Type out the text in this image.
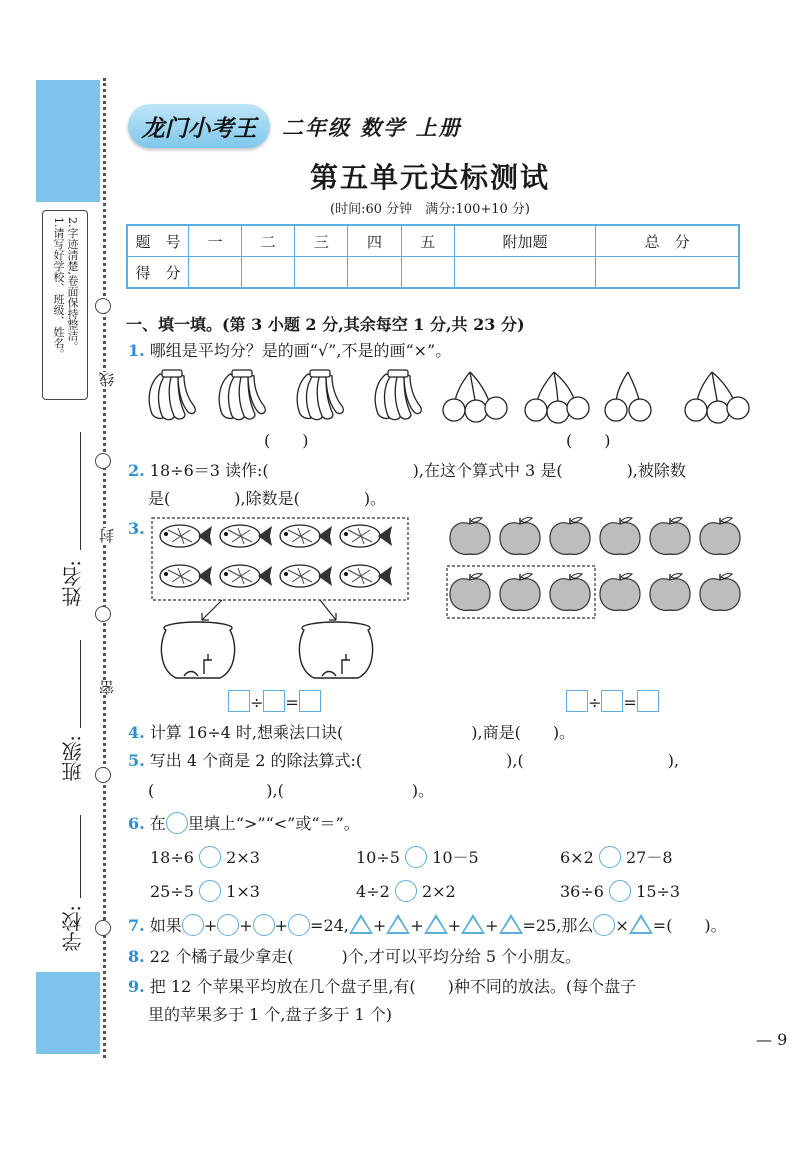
1.请写好学校、班级、姓名。 2.字迹清楚,卷面保持整洁。
线
封
密
姓名:
班级:
学校:
龙门小考王	二年级 数学 上册
第五单元达标测试
(时间:60 分钟　满分:100+10 分)
题　号	一	二	三	四	五	附加题	总　分
得　分							
一、填一填。(第 3 小题 2 分,其余每空 1 分,共 23 分)
1. 哪组是平均分？是的画“√”,不是的画“×”。
(　　)	(　　)
2. 18÷6＝3 读作:(　　　　　　　　　),在这个算式中 3 是(　　　　),被除数
是(　　　　),除数是(　　　　)。
3.
÷ =	÷ =
4. 计算 16÷4 时,想乘法口诀(　　　　　　　　),商是(　　)。
5. 写出 4 个商是 2 的除法算式:(　　　　　　　　　),(　　　　　　　　　),
(　　　　　　　),(　　　　　　　　)。
6. 在 里填上“>”“<”或“＝”。
18÷6 2×3	10÷5 10－5	6×2 27－8
25÷5 1×3	4÷2 2×2	36÷6 15÷3
7. 如果 + + + =24, + + + + =25,那么 × =(　　)。
8. 22 个橘子最少拿走(　　　)个,才可以平均分给 5 个小朋友。
9. 把 12 个苹果平均放在几个盘子里,有(　　)种不同的放法。(每个盘子
里的苹果多于 1 个,盘子多于 1 个)
— 9
